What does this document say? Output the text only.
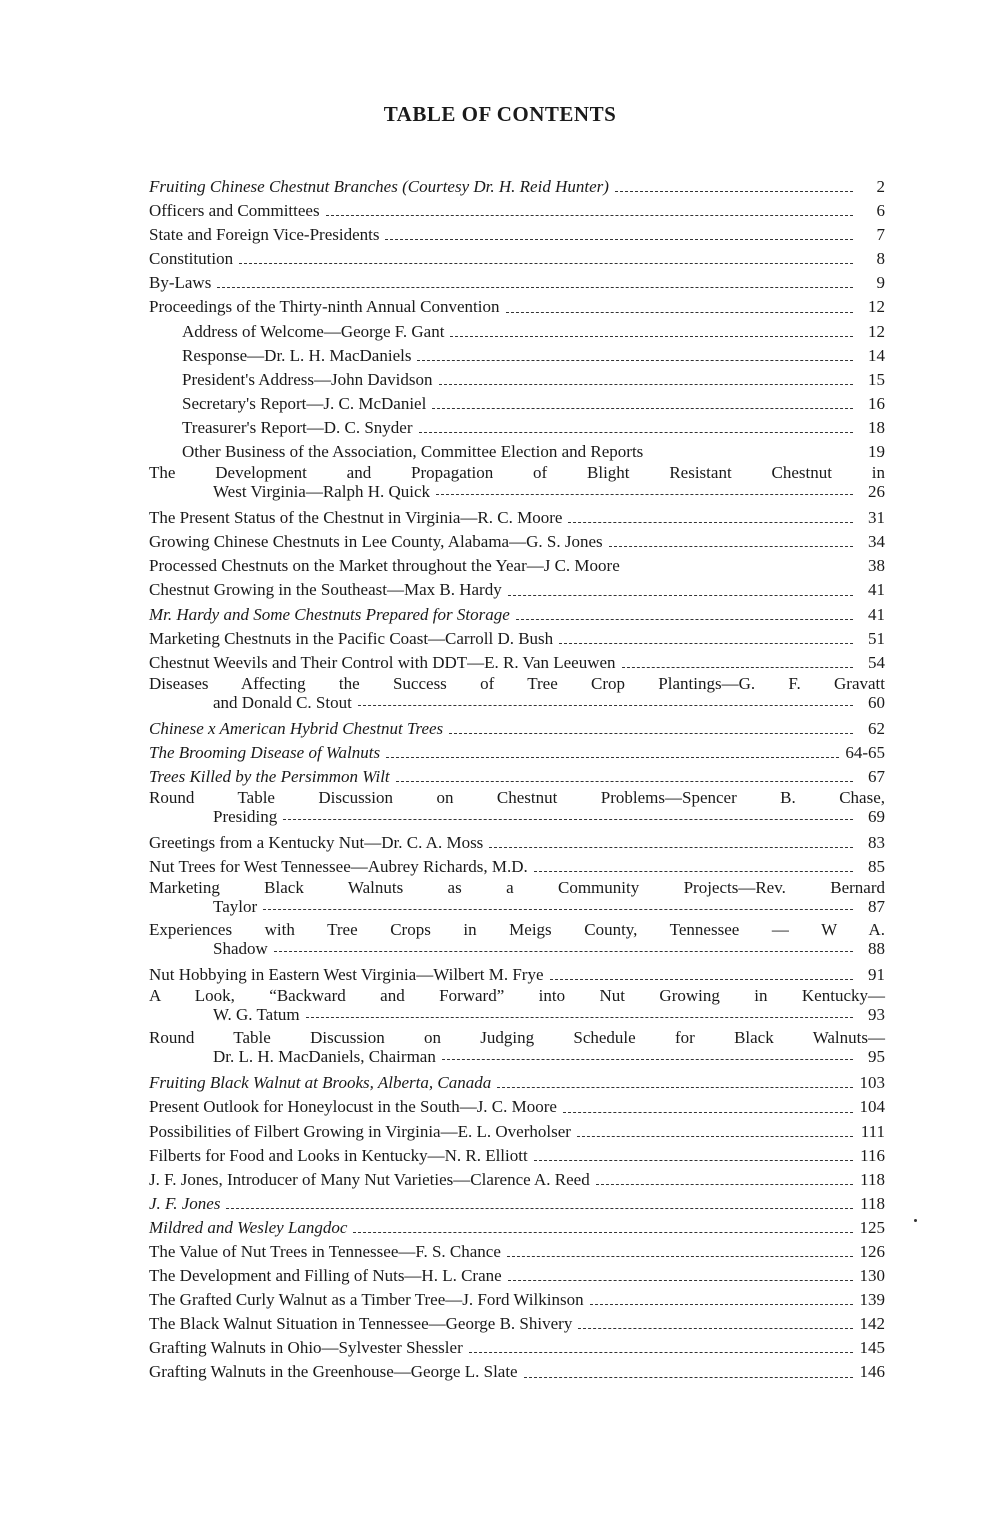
TABLE OF CONTENTS
Fruiting Chinese Chestnut Branches (Courtesy Dr. H. Reid Hunter)	2
Officers and Committees	6
State and Foreign Vice-Presidents	7
Constitution	8
By-Laws	9
Proceedings of the Thirty-ninth Annual Convention	12
Address of Welcome—George F. Gant	12
Response—Dr. L. H. MacDaniels	14
President's Address—John Davidson	15
Secretary's Report—J. C. McDaniel	16
Treasurer's Report—D. C. Snyder	18
Other Business of the Association, Committee Election and Reports	19
The Development and Propagation of Blight Resistant Chestnut in
West Virginia—Ralph H. Quick	26
The Present Status of the Chestnut in Virginia—R. C. Moore	31
Growing Chinese Chestnuts in Lee County, Alabama—G. S. Jones	34
Processed Chestnuts on the Market throughout the Year—J C. Moore	38
Chestnut Growing in the Southeast—Max B. Hardy	41
Mr. Hardy and Some Chestnuts Prepared for Storage	41
Marketing Chestnuts in the Pacific Coast—Carroll D. Bush	51
Chestnut Weevils and Their Control with DDT—E. R. Van Leeuwen	54
Diseases Affecting the Success of Tree Crop Plantings—G. F. Gravatt
and Donald C. Stout	60
Chinese x American Hybrid Chestnut Trees	62
The Brooming Disease of Walnuts	64-65
Trees Killed by the Persimmon Wilt	67
Round Table Discussion on Chestnut Problems—Spencer B. Chase,
Presiding	69
Greetings from a Kentucky Nut—Dr. C. A. Moss	83
Nut Trees for West Tennessee—Aubrey Richards, M.D.	85
Marketing Black Walnuts as a Community Projects—Rev. Bernard
Taylor	87
Experiences with Tree Crops in Meigs County, Tennessee — W A.
Shadow	88
Nut Hobbying in Eastern West Virginia—Wilbert M. Frye	91
A Look, “Backward and Forward” into Nut Growing in Kentucky—
W. G. Tatum	93
Round Table Discussion on Judging Schedule for Black Walnuts—
Dr. L. H. MacDaniels, Chairman	95
Fruiting Black Walnut at Brooks, Alberta, Canada	103
Present Outlook for Honeylocust in the South—J. C. Moore	104
Possibilities of Filbert Growing in Virginia—E. L. Overholser	111
Filberts for Food and Looks in Kentucky—N. R. Elliott	116
J. F. Jones, Introducer of Many Nut Varieties—Clarence A. Reed	118
J. F. Jones	118
Mildred and Wesley Langdoc	125
The Value of Nut Trees in Tennessee—F. S. Chance	126
The Development and Filling of Nuts—H. L. Crane	130
The Grafted Curly Walnut as a Timber Tree—J. Ford Wilkinson	139
The Black Walnut Situation in Tennessee—George B. Shivery	142
Grafting Walnuts in Ohio—Sylvester Shessler	145
Grafting Walnuts in the Greenhouse—George L. Slate	146
